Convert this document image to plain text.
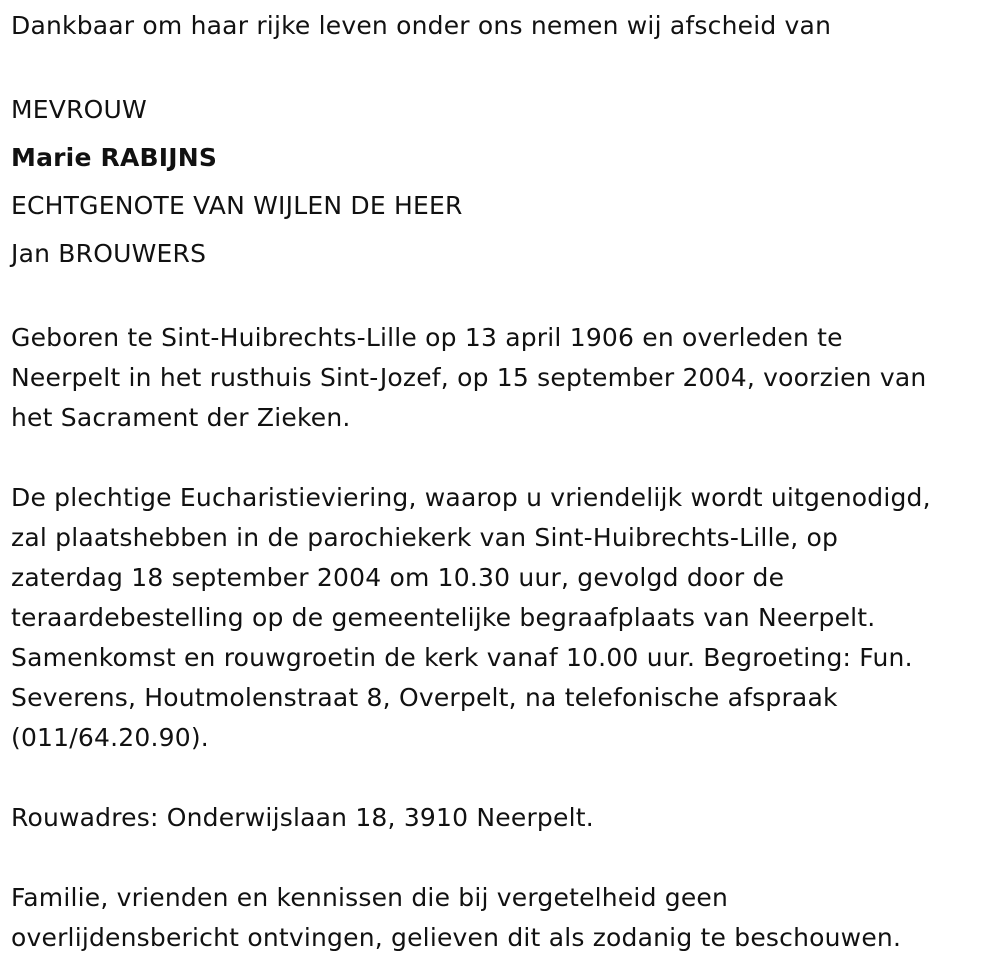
Dankbaar om haar rijke leven onder ons nemen wij afscheid van

MEVROUW

Marie RABIJNS

ECHTGENOTE VAN WIJLEN DE HEER

Jan BROUWERS

Geboren te Sint-Huibrechts-Lille op 13 april 1906 en overleden te

Neerpelt in het rusthuis Sint-Jozef, op 15 september 2004, voorzien van

het Sacrament der Zieken.

De plechtige Eucharistieviering, waarop u vriendelijk wordt uitgenodigd,

zal plaatshebben in de parochiekerk van Sint-Huibrechts-Lille, op

zaterdag 18 september 2004 om 10.30 uur, gevolgd door de

teraardebestelling op de gemeentelijke begraafplaats van Neerpelt.

Samenkomst en rouwgroetin de kerk vanaf 10.00 uur. Begroeting: Fun.

Severens, Houtmolenstraat 8, Overpelt, na telefonische afspraak

(011/64.20.90).

Rouwadres: Onderwijslaan 18, 3910 Neerpelt.

Familie, vrienden en kennissen die bij vergetelheid geen

overlijdensbericht ontvingen, gelieven dit als zodanig te beschouwen.
